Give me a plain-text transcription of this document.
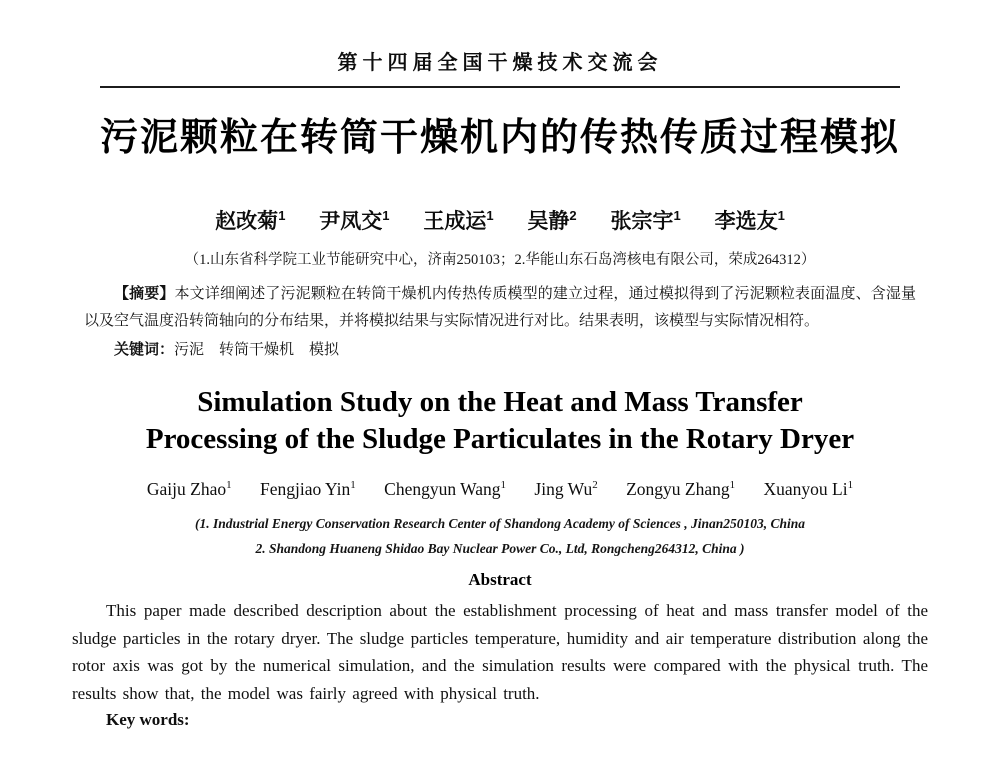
第十四届全国干燥技术交流会
污泥颗粒在转筒干燥机内的传热传质过程模拟
赵改菊$^1$ 尹凤交$^1$ 王成运$^1$ 吴静$^2$ 张宗宇$^1$ 李选友$^1$
（1.山东省科学院工业节能研究中心，济南250103；2.华能山东石岛湾核电有限公司，荣成264312）

【摘要】本文详细阐述了污泥颗粒在转筒干燥机内传热传质模型的建立过程，通过模拟得到了污泥颗粒表面温度、含湿量以及空气温度沿转筒轴向的分布结果，并将模拟结果与实际情况进行对比。结果表明，该模型与实际情况相符。

关键词：污泥　转筒干燥机　模拟
Simulation Study on the Heat and Mass Transfer
Processing of the Sludge Particulates in the Rotary Dryer
Gaiju Zhao$^1$ Fengjiao Yin$^1$ Chengyun Wang$^1$ Jing Wu$^2$ Zongyu Zhang$^1$ Xuanyou Li$^1$
(1. Industrial Energy Conservation Research Center of Shandong Academy of Sciences , Jinan250103, China
2. Shandong Huaneng Shidao Bay Nuclear Power Co., Ltd, Rongcheng264312, China )
Abstract

This paper made described description about the establishment processing of heat and mass transfer model of the sludge particles in the rotary dryer. The sludge particles temperature, humidity and air temperature distribution along the rotor axis was got by the numerical simulation, and the simulation results were compared with the physical truth. The results show that, the model was fairly agreed with physical truth.

Key words:
